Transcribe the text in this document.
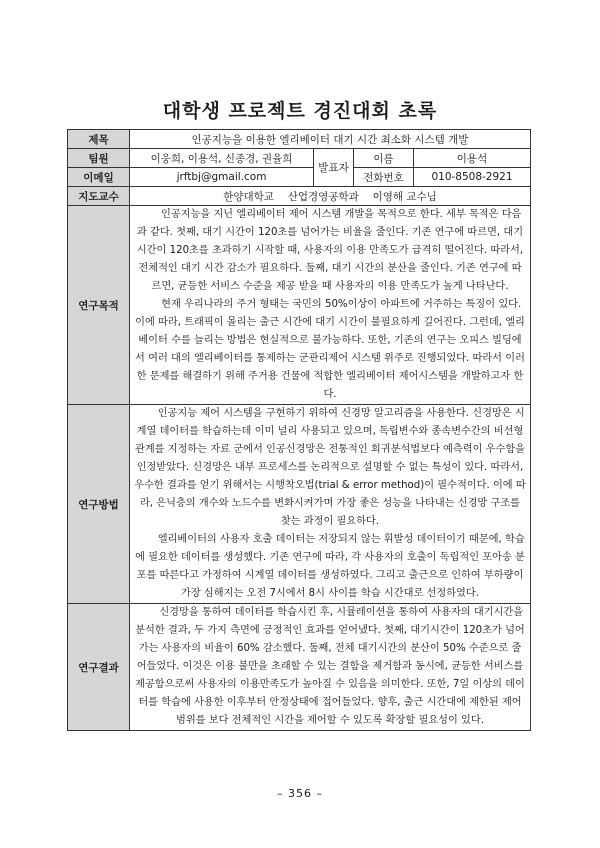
대학생 프로젝트 경진대회 초록
제목	인공지능을 이용한 엘리베이터 대기 시간 최소화 시스템 개발			
팀원	이웅희, 이용석, 신종경, 권율희	발표자	이름	이용석
이메일	jrftbj@gmail.com		전화번호	010-8508-2921
지도교수	한양대학교　 산업경영공학과　 이영해 교수님			
연구목적	인공지능을 지닌 엘리베이터 제어 시스템 개발을 목적으로 한다. 세부 목적은 다음과 같다. 첫째, 대기 시간이 120초를 넘어가는 비율을 줄인다. 기존 연구에 따르면, 대기 시간이 120초를 초과하기 시작할 때, 사용자의 이용 만족도가 급격히 떨어진다. 따라서, 전체적인 대기 시간 감소가 필요하다. 둘째, 대기 시간의 분산을 줄인다. 기존 연구에 따르면, 균등한 서비스 수준을 제공 받을 때 사용자의 이용 만족도가 높게 나타난다.

현재 우리나라의 주거 형태는 국민의 50%이상이 아파트에 거주하는 특징이 있다. 이에 따라, 트래픽이 몰리는 출근 시간에 대기 시간이 불필요하게 길어진다. 그런데, 엘리베이터 수를 늘리는 방법은 현실적으로 불가능하다. 또한, 기존의 연구는 오피스 빌딩에서 여러 대의 엘리베이터를 통제하는 군관리제어 시스템 위주로 진행되었다. 따라서 이러한 문제를 해결하기 위해 주거용 건물에 적합한 엘리베이터 제어시스템을 개발하고자 한다.			

연구방법	인공지능 제어 시스템을 구현하기 위하여 신경망 알고리즘을 사용한다. 신경망은 시계열 데이터를 학습하는데 이미 널리 사용되고 있으며, 독립변수와 종속변수간의 비선형관계를 지정하는 자료 군에서 인공신경망은 전통적인 회귀분석법보다 예측력이 우수함을 인정받았다. 신경망은 내부 프로세스를 논리적으로 설명할 수 없는 특성이 있다. 따라서, 우수한 결과를 얻기 위해서는 시행착오법(trial & error method)이 필수적이다. 이에 따라, 은닉층의 개수와 노드수를 변화시켜가며 가장 좋은 성능을 나타내는 신경망 구조를 찾는 과정이 필요하다.

엘리베이터의 사용자 호출 데이터는 저장되지 않는 휘발성 데이터이기 때문에, 학습에 필요한 데이터를 생성했다. 기존 연구에 따라, 각 사용자의 호출이 독립적인 포아송 분포를 따른다고 가정하여 시계열 데이터를 생성하였다. 그리고 출근으로 인하여 부하량이 가장 심해지는 오전 7시에서 8시 사이를 학습 시간대로 선정하였다.			

연구결과	신경망을 통하여 데이터를 학습시킨 후, 시뮬레이션을 통하여 사용자의 대기시간을 분석한 결과, 두 가지 측면에 긍정적인 효과를 얻어냈다. 첫째, 대기시간이 120초가 넘어가는 사용자의 비율이 60% 감소했다. 둘째, 전체 대기시간의 분산이 50% 수준으로 줄어들었다. 이것은 이용 불만을 초래할 수 있는 결함을 제거함과 동시에, 균등한 서비스를 제공함으로써 사용자의 이용만족도가 높아질 수 있음을 의미한다. 또한, 7일 이상의 데이터를 학습에 사용한 이후부터 안정상태에 접어들었다. 향후, 출근 시간대에 제한된 제어 범위를 보다 전체적인 시간을 제어할 수 있도록 확장할 필요성이 있다.			

– 356 –
